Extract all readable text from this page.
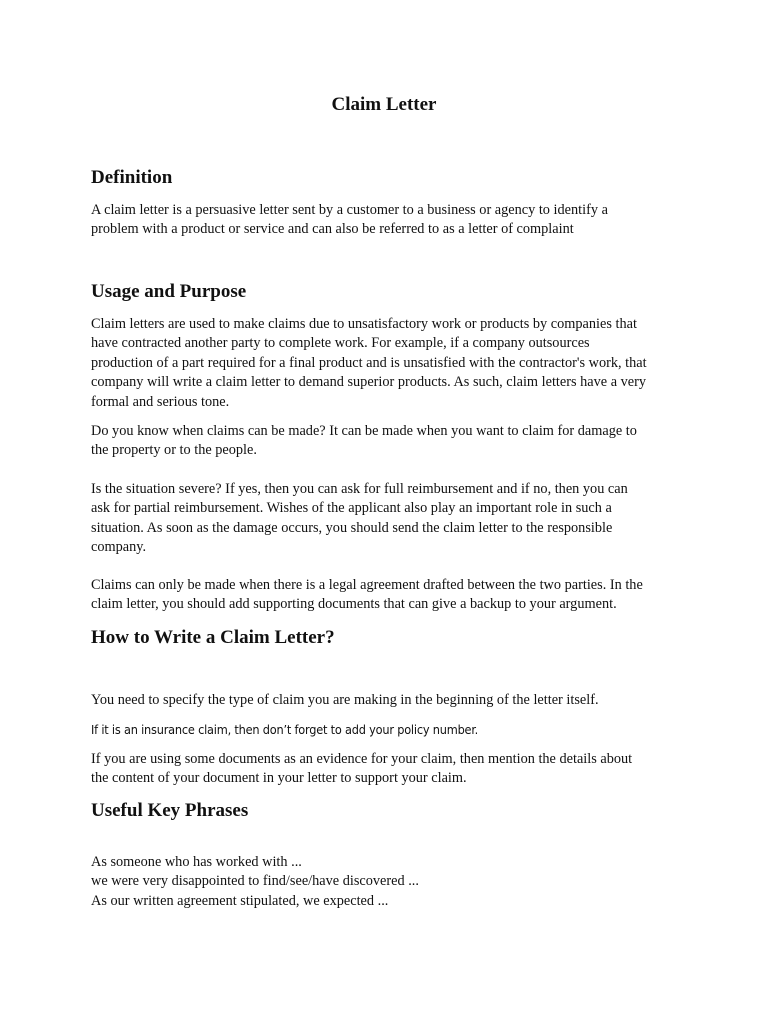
Claim Letter
Definition
A claim letter is a persuasive letter sent by a customer to a business or agency to identify a
problem with a product or service and can also be referred to as a letter of complaint
Usage and Purpose
Claim letters are used to make claims due to unsatisfactory work or products by companies that
have contracted another party to complete work. For example, if a company outsources
production of a part required for a final product and is unsatisfied with the contractor's work, that
company will write a claim letter to demand superior products. As such, claim letters have a very
formal and serious tone.
Do you know when claims can be made? It can be made when you want to claim for damage to
the property or to the people.
Is the situation severe? If yes, then you can ask for full reimbursement and if no, then you can
ask for partial reimbursement. Wishes of the applicant also play an important role in such a
situation. As soon as the damage occurs, you should send the claim letter to the responsible
company.
Claims can only be made when there is a legal agreement drafted between the two parties. In the
claim letter, you should add supporting documents that can give a backup to your argument.
How to Write a Claim Letter?
You need to specify the type of claim you are making in the beginning of the letter itself.
If it is an insurance claim, then don’t forget to add your policy number.
If you are using some documents as an evidence for your claim, then mention the details about
the content of your document in your letter to support your claim.
Useful Key Phrases
As someone who has worked with ...
we were very disappointed to find/see/have discovered ...
As our written agreement stipulated, we expected ...
